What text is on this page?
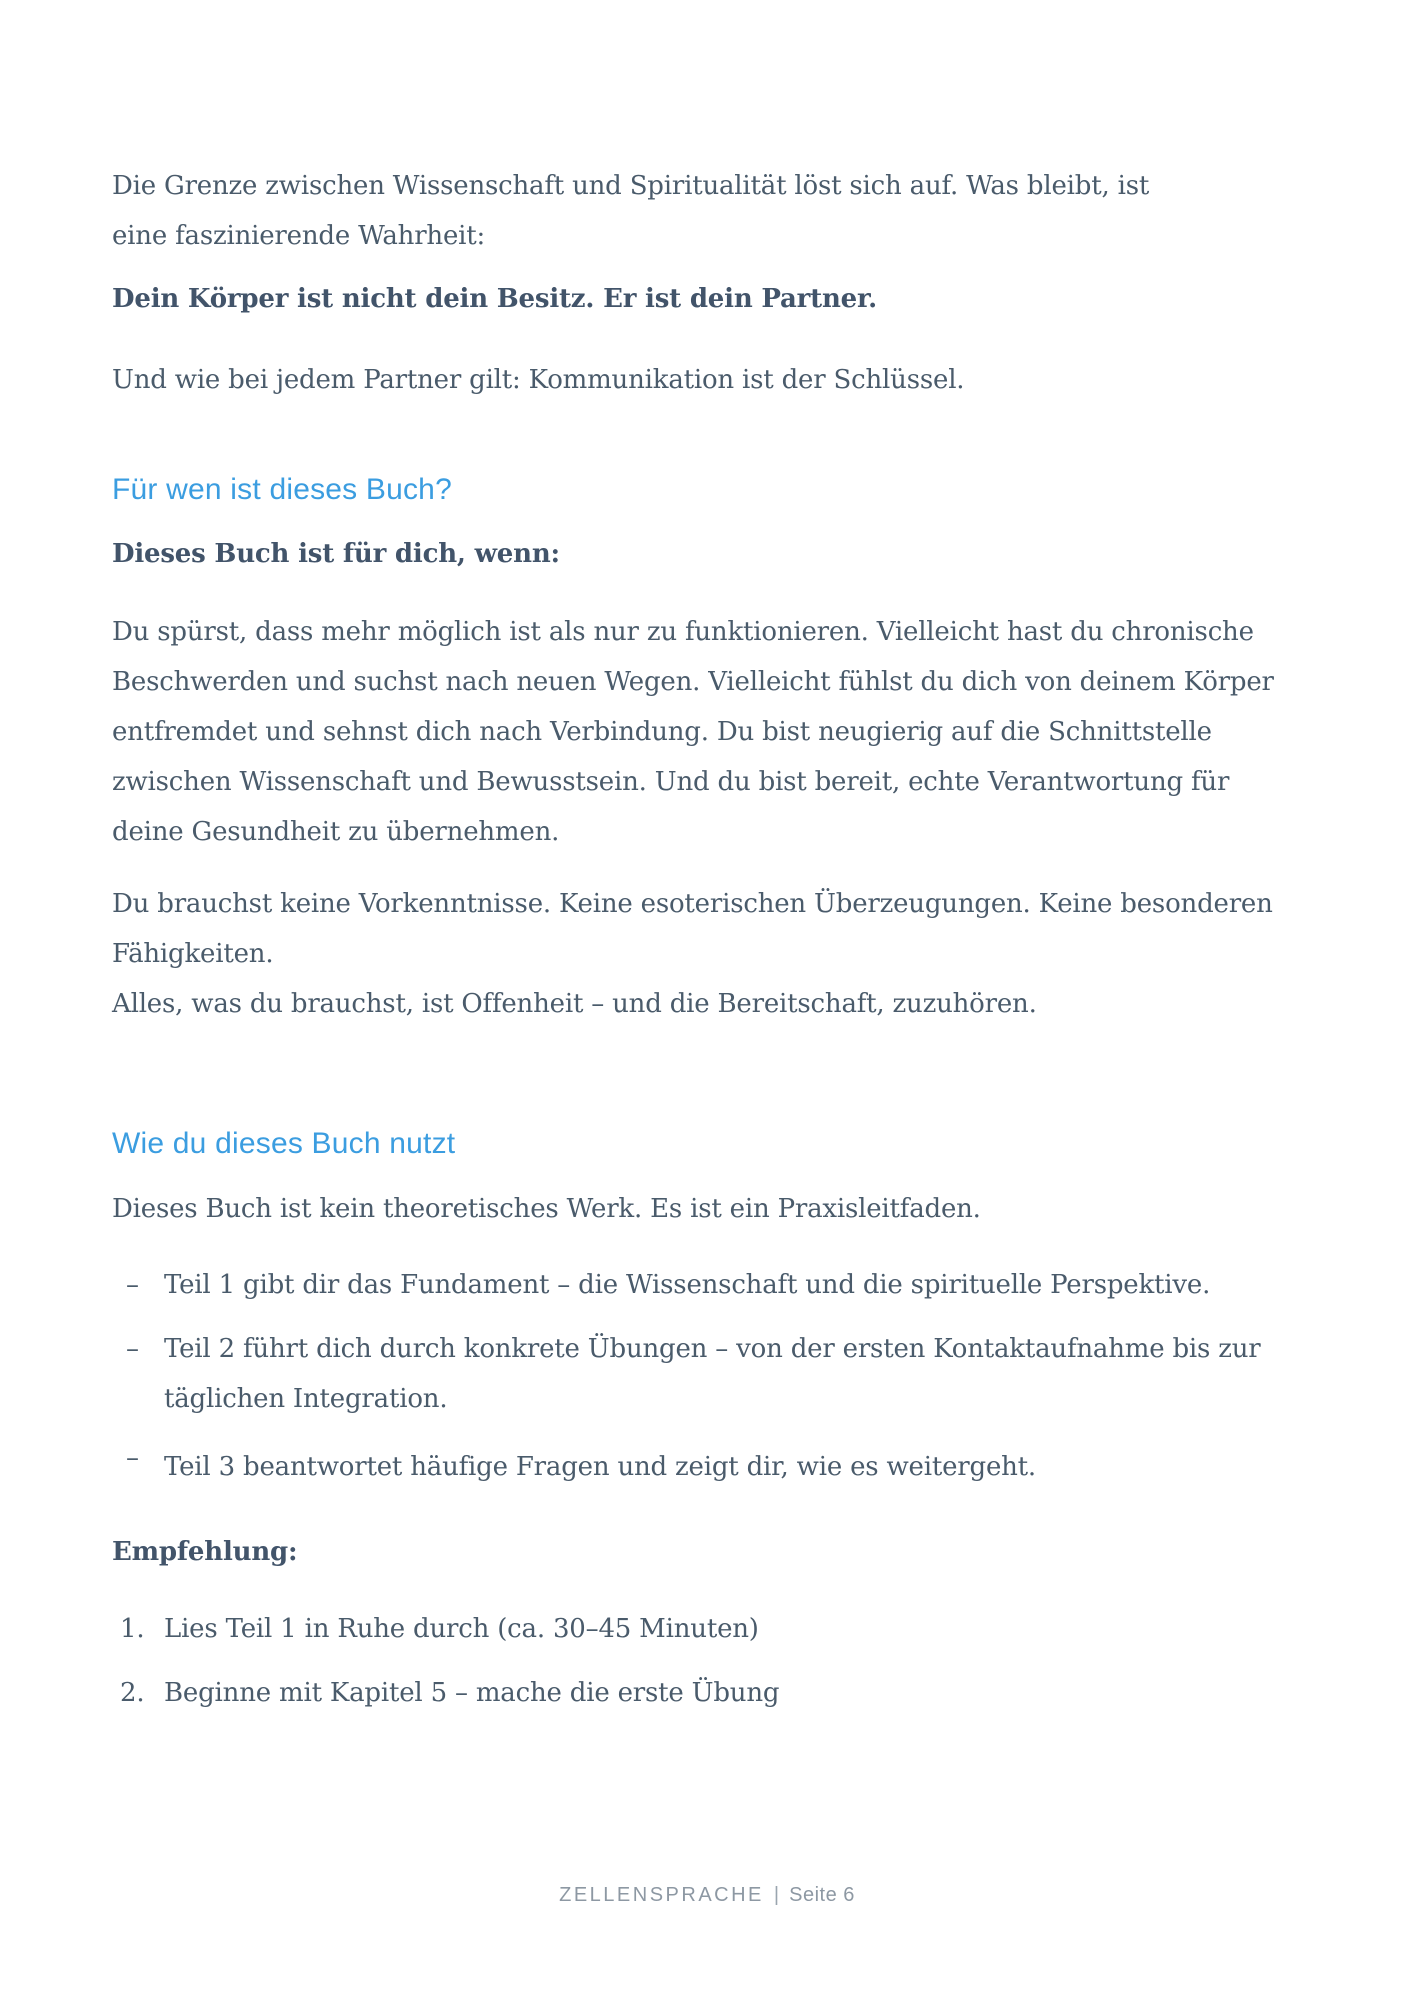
Die Grenze zwischen Wissenschaft und Spiritualität löst sich auf. Was bleibt, ist
eine faszinierende Wahrheit:
Dein Körper ist nicht dein Besitz. Er ist dein Partner.
Und wie bei jedem Partner gilt: Kommunikation ist der Schlüssel.
Für wen ist dieses Buch?
Dieses Buch ist für dich, wenn:
Du spürst, dass mehr möglich ist als nur zu funktionieren. Vielleicht hast du chronische
Beschwerden und suchst nach neuen Wegen. Vielleicht fühlst du dich von deinem Körper
entfremdet und sehnst dich nach Verbindung. Du bist neugierig auf die Schnittstelle
zwischen Wissenschaft und Bewusstsein. Und du bist bereit, echte Verantwortung für
deine Gesundheit zu übernehmen.
Du brauchst keine Vorkenntnisse. Keine esoterischen Überzeugungen. Keine besonderen
Fähigkeiten.
Alles, was du brauchst, ist Offenheit – und die Bereitschaft, zuzuhören.
Wie du dieses Buch nutzt
Dieses Buch ist kein theoretisches Werk. Es ist ein Praxisleitfaden.
– Teil 1 gibt dir das Fundament – die Wissenschaft und die spirituelle Perspektive.
– Teil 2 führt dich durch konkrete Übungen – von der ersten Kontaktaufnahme bis zur
täglichen Integration.
– Teil 3 beantwortet häufige Fragen und zeigt dir, wie es weitergeht.
Empfehlung:
1. Lies Teil 1 in Ruhe durch (ca. 30–45 Minuten)
2. Beginne mit Kapitel 5 – mache die erste Übung
ZELLENSPRACHE | Seite 6
